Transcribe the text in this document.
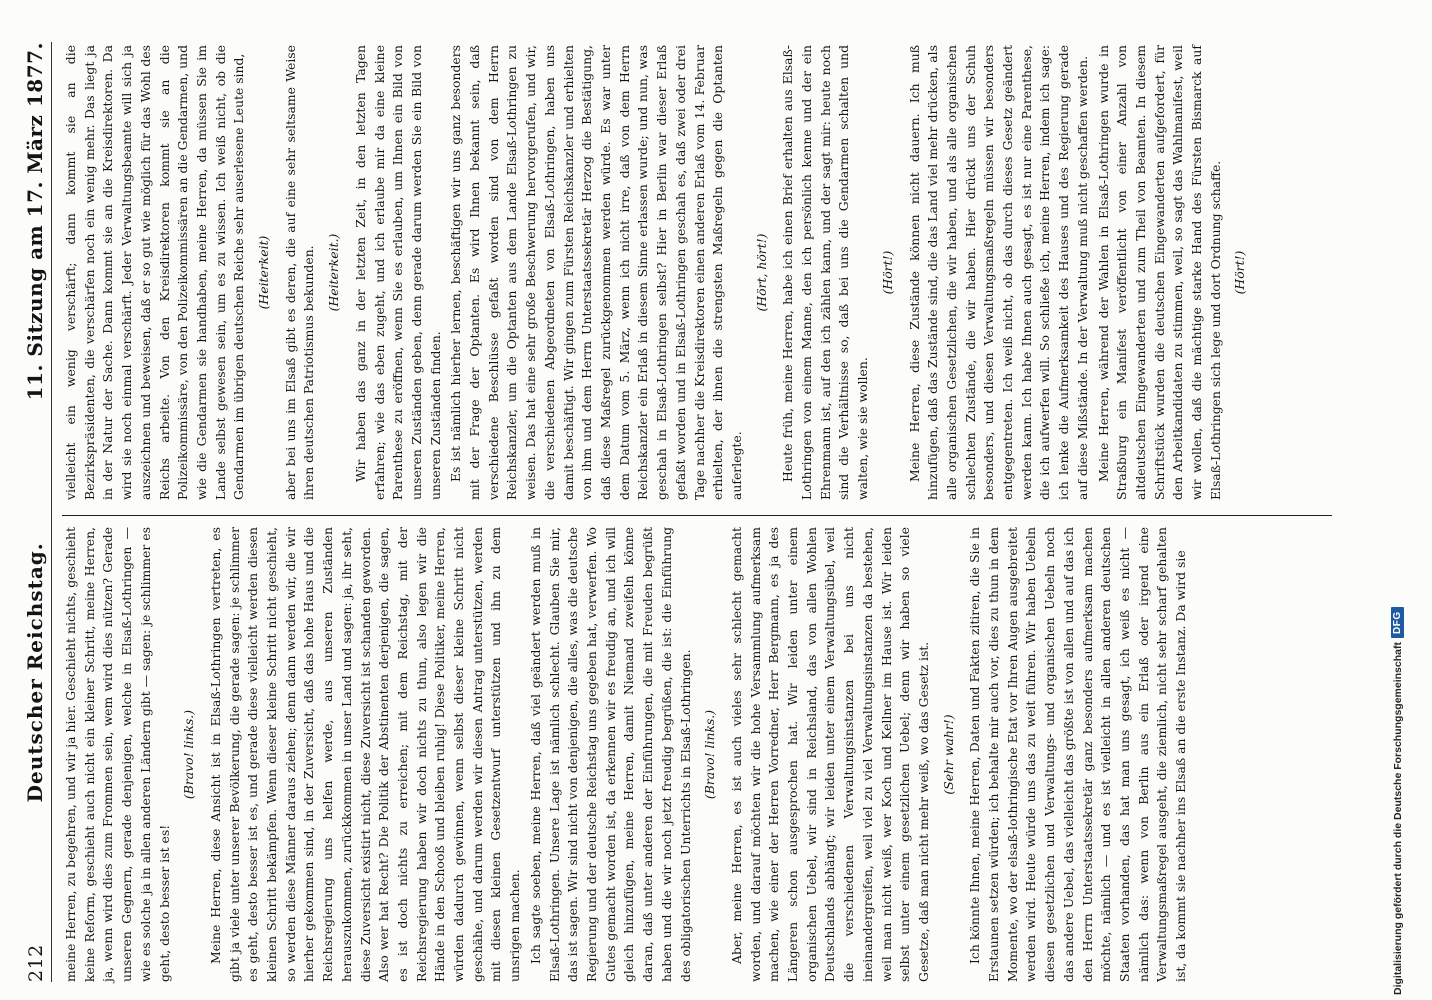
212
Deutscher Reichstag.
11. Sitzung am 17. März 1877.

meine Herren, zu begehren, und wir ja hier. Geschieht nichts, geschieht keine Reform, geschieht auch nicht ein kleiner Schritt, meine Herren, ja, wenn wird dies zum Frommen sein, wem wird dies nützen? Gerade unseren Gegnern, gerade denjenigen, welche in Elsaß-Lothringen — wie es solche ja in allen anderen Ländern gibt — sagen: je schlimmer es geht, desto besser ist es!

(Bravo! links.) Meine Herren, diese Ansicht ist in Elsaß-Lothringen vertreten, es gibt ja viele unter unserer Bevölkerung, die gerade sagen: je schlimmer es geht, desto besser ist es, und gerade diese vielleicht werden diesen kleinen Schritt bekämpfen. Wenn dieser kleine Schritt nicht geschieht, so werden diese Männer daraus ziehen; denn dann werden wir, die wir hierher gekommen sind, in der Zuversicht, daß das hohe Haus und die Reichsregierung uns helfen werde, aus unseren Zuständen herauszukommen, zurückkommen in unser Land und sagen: ja, ihr seht, diese Zuversicht existirt nicht, diese Zuversicht ist schanden geworden. Also wer hat Recht? Die Politik der Abstinenten derjenigen, die sagen, es ist doch nichts zu erreichen; mit dem Reichstag, mit der Reichsregierung haben wir doch nichts zu thun, also legen wir die Hände in den Schooß und bleiben ruhig! Diese Politiker, meine Herren, würden dadurch gewinnen, wenn selbst dieser kleine Schritt nicht geschähe, und darum werden wir diesen Antrag unterstützen, werden mit diesen kleinen Gesetzentwurf unterstützen und ihn zu dem unsrigen machen. Ich sagte soeben, meine Herren, daß viel geändert werden muß in Elsaß-Lothringen. Unsere Lage ist nämlich schlecht. Glauben Sie mir, das ist sagen. Wir sind nicht von denjenigen, die alles, was die deutsche Regierung und der deutsche Reichstag uns gegeben hat, verwerfen. Wo Gutes gemacht worden ist, da erkennen wir es freudig an, und ich will gleich hinzufügen, meine Herren, damit Niemand zweifeln könne daran, daß unter anderen der Einführungen, die mit Freuden begrüßt haben und die wir noch jetzt freudig begrüßen, die ist: die Einführung des obligatorischen Unterrichts in Elsaß-Lothringen. (Bravo! links.) Aber, meine Herren, es ist auch vieles sehr schlecht gemacht worden, und darauf möchten wir die hohe Versammlung aufmerksam machen, wie einer der Herren Vorredner, Herr Bergmann, es ja des Längeren schon ausgesprochen hat. Wir leiden unter einem organischen Uebel, wir sind in Reichsland, das von allen Wohlen Deutschlands abhängt; wir leiden unter einem Verwaltungsübel, weil die verschiedenen Verwaltungsinstanzen bei uns nicht ineinandergreifen, weil viel zu viel Verwaltungsinstanzen da bestehen, weil man nicht weiß, wer Koch und Kellner im Hause ist. Wir leiden selbst unter einem gesetzlichen Uebel; denn wir haben so viele Gesetze, daß man nicht mehr weiß, wo das Gesetz ist. (Sehr wahr!) Ich könnte Ihnen, meine Herren, Daten und Fakten zitiren, die Sie in Erstaunen setzen würden; ich behalte mir auch vor, dies zu thun in dem Momente, wo der elsaß-lothringische Etat vor Ihren Augen ausgebreitet werden wird. Heute würde uns das zu weit führen. Wir haben Uebeln diesen gesetzlichen und Verwaltungs- und organischen Uebeln noch das andere Uebel, das vielleicht das größte ist von allen und auf das ich den Herrn Unterstaatssekretär ganz besonders aufmerksam machen möchte, nämlich — und es ist vielleicht in allen anderen deutschen Staaten vorhanden, das hat man uns gesagt, ich weiß es nicht — nämlich das: wenn von Berlin aus ein Erlaß oder irgend eine Verwaltungsmaßregel ausgeht, die ziemlich, nicht sehr scharf gehalten ist, da kommt sie nachher ins Elsaß an die erste Instanz. Da wird sie

vielleicht ein wenig verschärft; dann kommt sie an die Bezirkspräsidenten, die verschärfen noch ein wenig mehr. Das liegt ja in der Natur der Sache. Dann kommt sie an die Kreisdirektoren. Da wird sie noch einmal verschärft. Jeder Verwaltungsbeamte will sich ja auszeichnen und beweisen, daß er so gut wie möglich für das Wohl des Reichs arbeite. Von den Kreisdirektoren kommt sie an die Polizeikommissäre, von den Polizeikommissären an die Gendarmen, und wie die Gendarmen sie handhaben, meine Herren, da müssen Sie im Lande selbst gewesen sein, um es zu wissen. Ich weiß nicht, ob die Gendarmen im übrigen deutschen Reiche sehr auserlesene Leute sind, (Heiterkeit) aber bei uns im Elsaß gibt es deren, die auf eine sehr seltsame Weise ihren deutschen Patriotismus bekunden. (Heiterkeit.) Wir haben das ganz in der letzten Zeit, in den letzten Tagen erfahren; wie das eben zugeht, und ich erlaube mir da eine kleine Parenthese zu eröffnen, wenn Sie es erlauben, um Ihnen ein Bild von unseren Zuständen geben, denn gerade darum werden Sie ein Bild von unseren Zuständen finden. Es ist nämlich hierher lernen, beschäftigen wir uns ganz besonders mit der Frage der Optanten. Es wird Ihnen bekannt sein, daß verschiedene Beschlüsse gefaßt worden sind von dem Herrn Reichskanzler, um die Optanten aus dem Lande Elsaß-Lothringen zu weisen. Das hat eine sehr große Beschwerung hervorgerufen, und wir, die verschiedenen Abgeordneten von Elsaß-Lothringen, haben uns damit beschäftigt. Wir gingen zum Fürsten Reichskanzler und erhielten von ihm und dem Herrn Unterstaatssekretär Herzog die Bestätigung, daß diese Maßregel zurückgenommen werden würde. Es war unter dem Datum vom 5. März, wenn ich nicht irre, daß von dem Herrn Reichskanzler ein Erlaß in diesem Sinne erlassen wurde; und nun, was geschah in Elsaß-Lothringen selbst? Hier in Berlin war dieser Erlaß gefaßt worden und in Elsaß-Lothringen geschah es, daß zwei oder drei Tage nachher die Kreisdirektoren einen anderen Erlaß vom 14. Februar erhielten, der ihnen die strengsten Maßregeln gegen die Optanten auferlegte.

(Hört, hört!) Heute früh, meine Herren, habe ich einen Brief erhalten aus Elsaß-Lothringen von einem Manne, den ich persönlich kenne und der ein Ehrenmann ist, auf den ich zählen kann, und der sagt mir: heute noch sind die Verhältnisse so, daß bei uns die Gendarmen schalten und walten, wie sie wollen.

(Hört!) Meine Herren, diese Zustände können nicht dauern. Ich muß hinzufügen, daß das Zustände sind, die das Land viel mehr drücken, als alle organischen Gesetzlichen, die wir haben, und als alle organischen schlechten Zustände, die wir haben. Hier drückt uns der Schuh besonders, und diesen Verwaltungsmaßregeln müssen wir besonders entgegentreten. Ich weiß nicht, ob das durch dieses Gesetz geändert werden kann. Ich habe Ihnen auch gesagt, es ist nur eine Parenthese, die ich aufwerfen will. So schließe ich, meine Herren, indem ich sage: ich lenke die Aufmerksamkeit des Hauses und des Regierung gerade auf diese Mißstände. In der Verwaltung muß nicht geschaffen werden. Meine Herren, während der Wahlen in Elsaß-Lothringen wurde in Straßburg ein Manifest veröffentlicht von einer Anzahl von altdeutschen Eingewanderten und zum Theil von Beamten. In diesem Schriftstück wurden die deutschen Eingewanderten aufgefordert, für den Arbeitkandidaten zu stimmen, weil, so sagt das Wahlmanifest, weil wir wollen, daß die mächtige starke Hand des Fürsten Bismarck auf Elsaß-Lothringen sich lege und dort Ordnung schaffe. (Hört!)

Digitalisierung gefördert durch die Deutsche Forschungsgemeinschaft
DFG
